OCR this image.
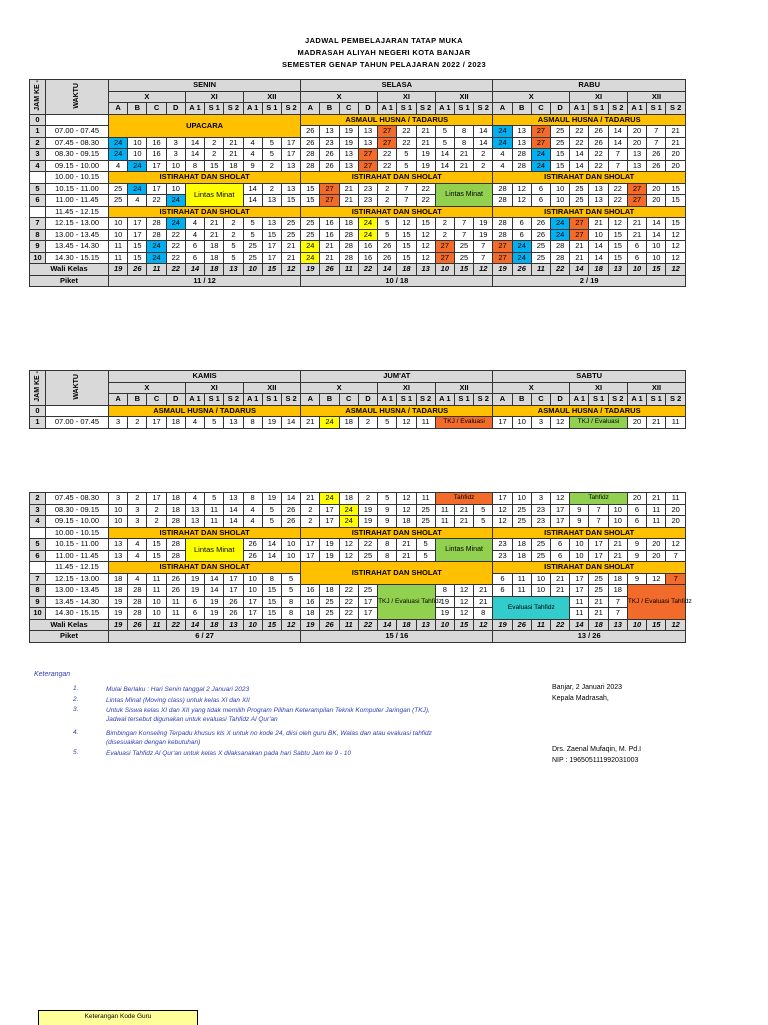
JADWAL PEMBELAJARAN TATAP MUKA
MADRASAH ALIYAH NEGERI KOTA BANJAR
SEMESTER GENAP TAHUN PELAJARAN 2022 / 2023
JAM KE -	WAKTU	SENIN										SELASA										RABU									
		X				XI			XII			X				XI			XII			X				XI			XII		
		A	B	C	D	A 1	S 1	S 2	A 1	S 1	S 2	A	B	C	D	A 1	S 1	S 2	A 1	S 1	S 2	A	B	C	D	A 1	S 1	S 2	A 1	S 1	S 2
0		UPACARA										ASMAUL HUSNA / TADARUS										ASMAUL HUSNA / TADARUS									
1	07.00 - 07.45											26	13	19	13	27	22	21	5	8	14	24	13	27	25	22	26	14	20	7	21
2	07.45 - 08.30	24	10	16	3	14	2	21	4	5	17	26	23	19	13	27	22	21	5	8	14	24	13	27	25	22	26	14	20	7	21
3	08.30 - 09.15	24	10	16	3	14	2	21	4	5	17	28	26	13	27	22	5	19	14	21	2	4	28	24	15	14	22	7	13	26	20
4	09.15 - 10.00	4	24	17	10	8	15	18	9	2	13	28	26	13	27	22	5	19	14	21	2	4	28	24	15	14	22	7	13	26	20
	10.00 - 10.15	ISTIRAHAT DAN SHOLAT										ISTIRAHAT DAN SHOLAT										ISTIRAHAT DAN SHOLAT									
5	10.15 - 11.00	25	24	17	10	Lintas Minat			14	2	13	15	27	21	23	2	7	22	Lintas Minat			28	12	6	10	25	13	22	27	20	15
6	11.00 - 11.45	25	4	22	24				14	13	15	15	27	21	23	2	7	22				28	12	6	10	25	13	22	27	20	15
	11.45 - 12.15	ISTIRAHAT DAN SHOLAT										ISTIRAHAT DAN SHOLAT										ISTIRAHAT DAN SHOLAT									
7	12.15 - 13.00	10	17	28	24	4	21	2	5	13	25	25	16	18	24	5	12	15	2	7	19	28	6	26	24	27	21	12	21	14	15
8	13.00 - 13.45	10	17	28	22	4	21	2	5	15	25	25	16	28	24	5	15	12	2	7	19	28	6	26	24	27	10	15	21	14	12
9	13.45 - 14.30	11	15	24	22	6	18	5	25	17	21	24	21	28	16	26	15	12	27	25	7	27	24	25	28	21	14	15	6	10	12
10	14.30 - 15.15	11	15	24	22	6	18	5	25	17	21	24	21	28	16	26	15	12	27	25	7	27	24	25	28	21	14	15	6	10	12
Wali Kelas		19	26	11	22	14	18	13	10	15	12	19	26	11	22	14	18	13	10	15	12	19	26	11	22	14	18	13	10	15	12
Piket		11 / 12										10 / 18										2 / 19									
JAM KE -	WAKTU	KAMIS										JUM'AT										SABTU									
		X				XI			XII			X				XI			XII			X				XI			XII		
		A	B	C	D	A 1	S 1	S 2	A 1	S 1	S 2	A	B	C	D	A 1	S 1	S 2	A 1	S 1	S 2	A	B	C	D	A 1	S 1	S 2	A 1	S 1	S 2
0		ASMAUL HUSNA / TADARUS										ASMAUL HUSNA / TADARUS										ASMAUL HUSNA / TADARUS									
1	07.00 - 07.45	3	2	17	18	4	5	13	8	19	14	21	24	18	2	5	12	11	TKJ / Evaluasi			17	10	3	12	TKJ / Evaluasi			20	21	11
2	07.45 - 08.30	3	2	17	18	4	5	13	8	19	14	21	24	18	2	5	12	11	Tahfidz			17	10	3	12	Tahfidz			20	21	11
3	08.30 - 09.15	10	3	2	18	13	11	14	4	5	26	2	17	24	19	9	12	25	11	21	5	12	25	23	17	9	7	10	6	11	20
4	09.15 - 10.00	10	3	2	28	13	11	14	4	5	26	2	17	24	19	9	18	25	11	21	5	12	25	23	17	9	7	10	6	11	20
	10.00 - 10.15	ISTIRAHAT DAN SHOLAT										ISTIRAHAT DAN SHOLAT										ISTIRAHAT DAN SHOLAT									
5	10.15 - 11.00	13	4	15	28	Lintas Minat			26	14	10	17	19	12	22	8	21	5	Lintas Minat			23	18	25	6	10	17	21	9	20	12
6	11.00 - 11.45	13	4	15	28				26	14	10	17	19	12	25	8	21	5				23	18	25	6	10	17	21	9	20	7
	11.45 - 12.15	ISTIRAHAT DAN SHOLAT										ISTIRAHAT DAN SHOLAT										ISTIRAHAT DAN SHOLAT									
7	12.15 - 13.00	18	4	11	26	19	14	17	10	8	5											6	11	10	21	17	25	18	9	12	7
8	13.00 - 13.45	18	28	11	26	19	14	17	10	15	5	16	18	22	25	TKJ / Evaluasi Tahfidz			8	12	21	6	11	10	21	17	25	18	TKJ / Evaluasi Tahfidz		
9	13.45 - 14.30	19	28	10	11	6	19	26	17	15	8	16	25	22	17				19	12	21	Evaluasi Tahfidz				11	21	7			
10	14.30 - 15.15	19	28	10	11	6	19	26	17	15	8	18	25	22	17				19	12	8					11	21	7			
Wali Kelas		19	26	11	22	14	18	13	10	15	12	19	26	11	22	14	18	13	10	15	12	19	26	11	22	14	18	13	10	15	12
Piket		6 / 27										15 / 16										13 / 26									
Keterangan
1.	Mulai Berlaku : Hari Senin tanggal 2 Januari 2023
2.	Lintas Minat (Moving class) untuk kelas XI dan XII
3.	Untuk Siswa kelas XI dan XII yang tidak memilih Program Pilihan Keterampilan Teknik Komputer Jaringan (TKJ), Jadwal tersebut digunakan untuk evaluasi Tahfidz Al Qur'an
4.	Bimbingan Konseling Terpadu khusus kls X untuk no kode 24, diisi oleh guru BK, Walas dan atau evaluasi tahfidz (disesuaikan dengan kebutuhan)
5.	Evaluasi Tahfidz Al Qur'an untuk kelas X dilaksanakan pada hari Sabtu Jam ke 9 - 10
Banjar, 2 Januari 2023
Kepala Madrasah,
Drs. Zaenal Mufaqin, M. Pd.I
NIP : 196505111992031003
Keterangan Kode Guru
